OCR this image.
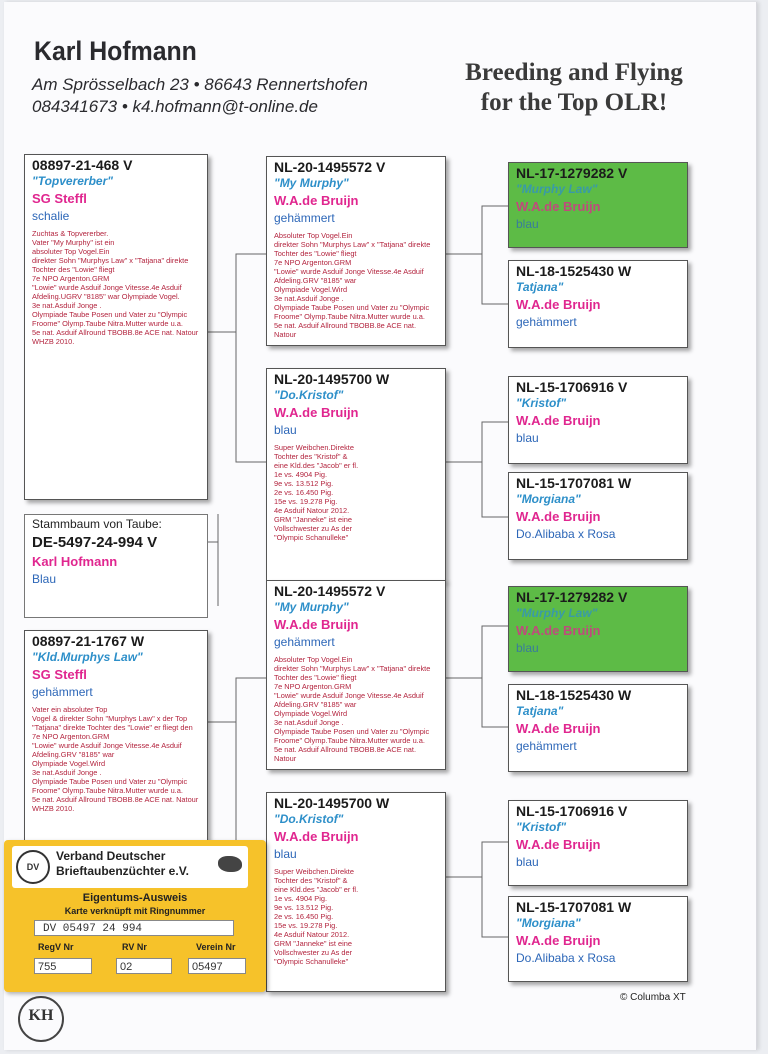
Karl Hofmann
Am Sprösselbach 23 • 86643 Rennertshofen
084341673 • k4.hofmann@t-online.de
Breeding and Flying
for the Top OLR!
08897-21-468 V
"Topvererber"
SG Steffl
schalie
Zuchtas & Topvererber.
Vater "My Murphy" ist ein
absoluter Top Vogel.Ein
direkter Sohn "Murphys Law" x "Tatjana" direkte
Tochter des "Lowie" fliegt
7e NPO Argenton.GRM
"Lowie" wurde Asduif Jonge Vitesse.4e Asduif
Afdeling.UGRV "8185" war Olympiade Vogel.
3e nat.Asduif Jonge .
Olympiade Taube Posen und Vater zu "Olympic
Froome" Olymp.Taube Nitra.Mutter wurde u.a.
5e nat. Asduif Allround TBOBB.8e ACE nat. Natour
WHZB 2010.
Stammbaum von Taube:
DE-5497-24-994 V
Karl Hofmann
Blau
08897-21-1767 W
"Kld.Murphys Law"
SG Steffl
gehämmert
Vater ein absoluter Top
Vogel & direkter Sohn "Murphys Law" x der Top
"Tatjana" direkte Tochter des "Lowie" er fliegt den
7e NPO Argenton.GRM
"Lowie" wurde Asduif Jonge Vitesse.4e Asduif
Afdeling.GRV "8185" war
Olympiade Vogel.Wird
3e nat.Asduif Jonge .
Olympiade Taube Posen und Vater zu "Olympic
Froome" Olymp.Taube Nitra.Mutter wurde u.a.
5e nat. Asduif Allround TBOBB.8e ACE nat. Natour
WHZB 2010.
NL-20-1495572 V
"My Murphy"
W.A.de Bruijn
gehämmert
Absoluter Top Vogel.Ein
direkter Sohn "Murphys Law" x "Tatjana" direkte
Tochter des "Lowie" fliegt
7e NPO Argenton.GRM
"Lowie" wurde Asduif Jonge Vitesse.4e Asduif
Afdeling.GRV "8185" war
Olympiade Vogel.Wird
3e nat.Asduif Jonge .
Olympiade Taube Posen und Vater zu "Olympic
Froome" Olymp.Taube Nitra.Mutter wurde u.a.
5e nat. Asduif Allround TBOBB.8e ACE nat. Natour
NL-20-1495700 W
"Do.Kristof"
W.A.de Bruijn
blau
Super Weibchen.Direkte
Tochter des "Kristof" &
eine Kld.des "Jacob" er fl.
1e vs. 4904 Pig.
9e vs. 13.512 Pig.
2e vs. 16.450 Pig.
15e vs. 19.278 Pig.
4e Asduif Natour 2012.
GRM "Janneke" ist eine
Vollschwester zu As der
"Olympic Schanulleke"
NL-20-1495572 V
"My Murphy"
W.A.de Bruijn
gehämmert
Absoluter Top Vogel.Ein
direkter Sohn "Murphys Law" x "Tatjana" direkte
Tochter des "Lowie" fliegt
7e NPO Argenton.GRM
"Lowie" wurde Asduif Jonge Vitesse.4e Asduif
Afdeling.GRV "8185" war
Olympiade Vogel.Wird
3e nat.Asduif Jonge .
Olympiade Taube Posen und Vater zu "Olympic
Froome" Olymp.Taube Nitra.Mutter wurde u.a.
5e nat. Asduif Allround TBOBB.8e ACE nat. Natour
NL-20-1495700 W
"Do.Kristof"
W.A.de Bruijn
blau
Super Weibchen.Direkte
Tochter des "Kristof" &
eine Kld.des "Jacob" er fl.
1e vs. 4904 Pig.
9e vs. 13.512 Pig.
2e vs. 16.450 Pig.
15e vs. 19.278 Pig.
4e Asduif Natour 2012.
GRM "Janneke" ist eine
Vollschwester zu As der
"Olympic Schanulleke"
NL-17-1279282 V
"Murphy Law"
W.A.de Bruijn
blau
NL-18-1525430 W
Tatjana"
W.A.de Bruijn
gehämmert
NL-15-1706916 V
"Kristof"
W.A.de Bruijn
blau
NL-15-1707081 W
"Morgiana"
W.A.de Bruijn
Do.Alibaba x Rosa
NL-17-1279282 V
"Murphy Law"
W.A.de Bruijn
blau
NL-18-1525430 W
Tatjana"
W.A.de Bruijn
gehämmert
NL-15-1706916 V
"Kristof"
W.A.de Bruijn
blau
NL-15-1707081 W
"Morgiana"
W.A.de Bruijn
Do.Alibaba x Rosa
© Columba XT
KH
DV
Verband Deutscher
Brieftaubenzüchter e.V.
Eigentums-Ausweis
Karte verknüpft mit Ringnummer
DV 05497 24 994
RegV Nr	RV Nr	Verein Nr
755	02	05497
